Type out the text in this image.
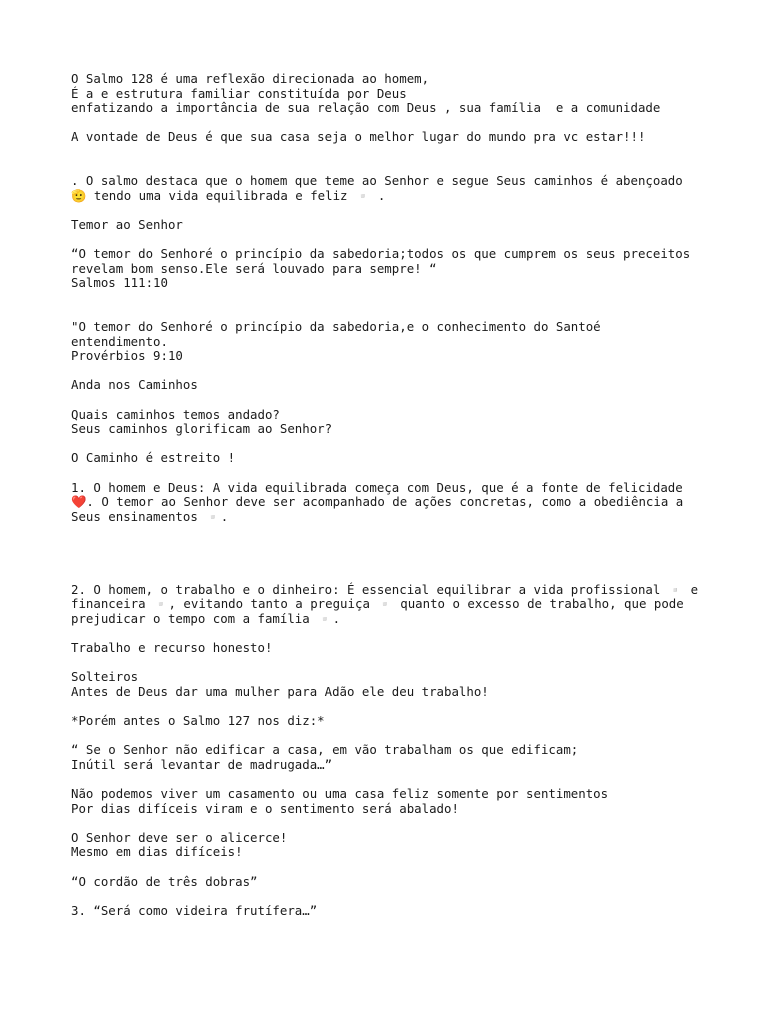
O Salmo 128 é uma reflexão direcionada ao homem,
É a e estrutura familiar constituída por Deus
enfatizando a importância de sua relação com Deus , sua família  e a comunidade
A vontade de Deus é que sua casa seja o melhor lugar do mundo pra vc estar!!!
. O salmo destaca que o homem que teme ao Senhor e segue Seus caminhos é abençoado
🫡 tendo uma vida equilibrada e feliz ▫️ .
Temor ao Senhor
“O temor do Senhoré o princípio da sabedoria;todos os que cumprem os seus preceitos
revelam bom senso.Ele será louvado para sempre! “
Salmos 111:10
"O temor do Senhoré o princípio da sabedoria,e o conhecimento do Santoé
entendimento.
Provérbios 9:10
Anda nos Caminhos
Quais caminhos temos andado?
Seus caminhos glorificam ao Senhor?
O Caminho é estreito !
1. O homem e Deus: A vida equilibrada começa com Deus, que é a fonte de felicidade
❤️. O temor ao Senhor deve ser acompanhado de ações concretas, como a obediência a
Seus ensinamentos ▫️.
2. O homem, o trabalho e o dinheiro: É essencial equilibrar a vida profissional ▫️ e
financeira ▫️, evitando tanto a preguiça ▫️ quanto o excesso de trabalho, que pode
prejudicar o tempo com a família ▫️.
Trabalho e recurso honesto!
Solteiros
Antes de Deus dar uma mulher para Adão ele deu trabalho!
*Porém antes o Salmo 127 nos diz:*
“ Se o Senhor não edificar a casa, em vão trabalham os que edificam;
Inútil será levantar de madrugada…”
Não podemos viver um casamento ou uma casa feliz somente por sentimentos
Por dias difíceis viram e o sentimento será abalado!
O Senhor deve ser o alicerce!
Mesmo em dias difíceis!
“O cordão de três dobras”
3. “Será como videira frutífera…”
